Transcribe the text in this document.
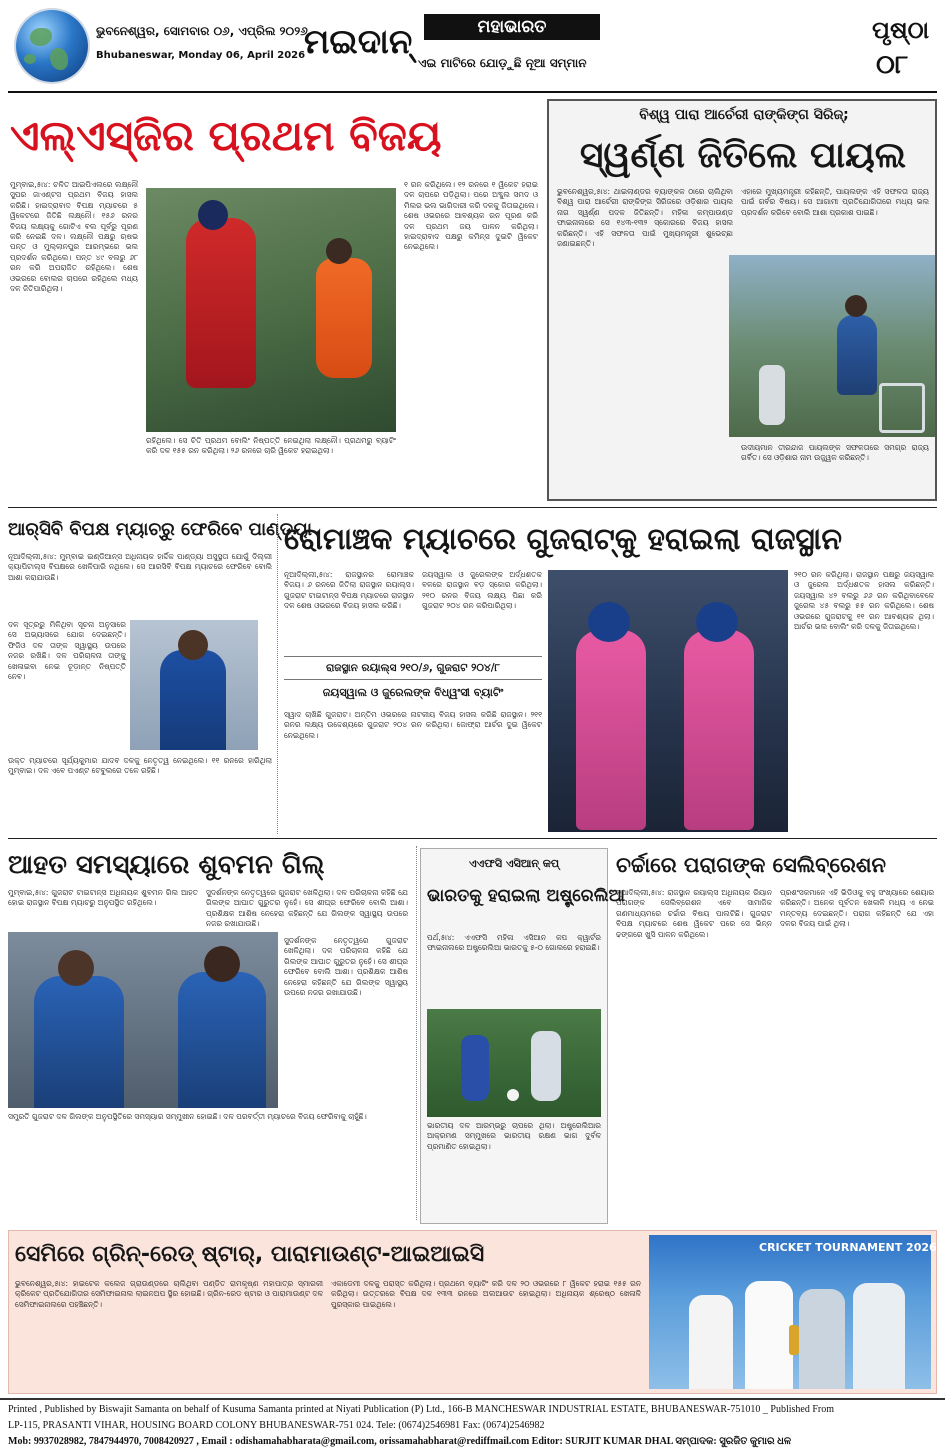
ଭୁବନେଶ୍ୱର, ସୋମବାର ୦୬, ଏପ୍ରିଲ ୨୦୨୬
Bhubaneswar, Monday 06, April 2026
ମଇଦାନ୍	ମହାଭାରତ
ଏଇ ମାଟିରେ ଯୋଡ଼ୁଛି ନୂଆ ସମ୍ମାନ
ପୃଷ୍ଠା
୦୮
ଏଲ୍‌ଏସ୍‌ଜିର ପ୍ରଥମ ବିଜୟ
ମୁମ୍ବାଇ,୫ା୪: ଚଳିତ ଆଇପିଏଲରେ ଲକ୍ଷ୍ନୌ ସୁପର ଜାଏଣ୍ଟସ ପ୍ରଥମ ବିଜୟ ହାସଲ କରିଛି। ହାଇଦ୍ରାବାଦ ବିପକ୍ଷ ମ୍ୟାଚରେ ୫ ୱିକେଟରେ ଜିତିଛି ଲକ୍ଷ୍ନୌ। ୧୫୬ ରନର ବିଜୟ ଲକ୍ଷ୍ୟକୁ ଗୋଟିଏ ବଲ ପୂର୍ବରୁ ପୂରଣ କରି ନେଇଛି ଦଳ। ଲକ୍ଷ୍ନୌ ପକ୍ଷରୁ ଋଷଭ ପନ୍ତ ଓ ମୁଲ୍ଲାନପୁର ଆରମ୍ଭରେ ଭଲ ପ୍ରଦର୍ଶନ କରିଥିଲେ। ପନ୍ତ ୪୯ ବଲରୁ ୬୮ ରନ କରି ଅପରାଜିତ ରହିଥିଲେ। ଶେଷ ଓଭରରେ ବୋଲର ଚାପରେ ରହିଥିଲେ ମଧ୍ୟ ଦଳ ଜିତିପାରିଥିଲା।
ରହିଥିଲେ। ସେ ଚିତି ପ୍ରଥମ ବୋଲିଂ ନିଷ୍ପତ୍ତି ନେଇଥିଲା ଲକ୍ଷ୍ନୌ। ପ୍ରଥମରୁ ବ୍ୟାଟିଂ କରି ଦଳ ୧୫୫ ରନ କରିଥିଲା। ୨୬ ରନରେ ଚାରି ୱିକେଟ ହରାଇଥିଲା।
୧ ରନ କରିଥିଲେ। ୧୨ ରନରେ ୧ ୱିକେଟ ହରାଇ ଦଳ ଚାପରେ ପଡ଼ିଥିଲା। ପରେ ଅବ୍ଦୁଲ ସମଦ ଓ ମିଲର ଭଲ ଭାଗିଦାରୀ କରି ଦଳକୁ ଜିତାଇଥିଲେ। ଶେଷ ଓଭରରେ ଆବଶ୍ୟକ ରନ ପୂରଣ କରି ଦଳ ପ୍ରଥମ ଜୟ ପାଳନ କରିଥିଲା। ହାଇଦ୍ରାବାଦ ପକ୍ଷରୁ କମିନ୍ସ ଦୁଇଟି ୱିକେଟ ନେଇଥିଲେ।
ବିଶ୍ୱ ପାରା ଆର୍ଚେରୀ ରାଙ୍କିଙ୍ଗ ସିରିଜ୍;
ସ୍ୱର୍ଣ୍ଣ ଜିତିଲେ ପାୟଲ
ଭୁବନେଶ୍ୱର,୫ା୪: ଥାଇଲାଣ୍ଡର ବ୍ୟାଙ୍କକ ଠାରେ ଚାଲିଥିବା ବିଶ୍ୱ ପାରା ଆର୍ଚେରୀ ରାଙ୍କିଙ୍ଗ ସିରିଜରେ ଓଡ଼ିଶାର ପାୟଲ ନାଗ ସ୍ୱର୍ଣ୍ଣ ପଦକ ଜିତିଛନ୍ତି। ମହିଳା କମ୍ପାଉଣ୍ଡ ଫାଇନାଲରେ ସେ ୧୪୩-୧୩୨ ସ୍କୋରରେ ବିଜୟ ହାସଲ କରିଛନ୍ତି। ଏହି ସଫଳତା ପାଇଁ ମୁଖ୍ୟମନ୍ତ୍ରୀ ଶୁଭେଚ୍ଛା ଜଣାଇଛନ୍ତି।
ଏହାରେ ମୁଖ୍ୟମନ୍ତ୍ରୀ କହିଛନ୍ତି, ପାୟଲଙ୍କ ଏହି ସଫଳତା ରାଜ୍ୟ ପାଇଁ ଗର୍ବର ବିଷୟ। ସେ ଆଗାମୀ ପ୍ରତିଯୋଗିତାରେ ମଧ୍ୟ ଭଲ ପ୍ରଦର୍ଶନ କରିବେ ବୋଲି ଆଶା ପ୍ରକାଶ ପାଇଛି।
ଉଦୀୟମାନ ତୀରନ୍ଦାଜ ପାୟଲଙ୍କ ସଫଳତାରେ ସମଗ୍ର ରାଜ୍ୟ ଗର୍ବିତ। ସେ ଓଡ଼ିଶାର ନାମ ଉଜ୍ଜ୍ୱଳ କରିଛନ୍ତି।
ଆର୍‌ସିବି ବିପକ୍ଷ ମ୍ୟାଚ୍‌ରୁ ଫେରିବେ ପାଣ୍ଡ୍ୟା
ନୂଆଦିଲ୍ଲୀ,୫ା୪: ମୁମ୍ବାଇ ଇଣ୍ଡିଆନ୍ସ ଅଧିନାୟକ ହାର୍ଦ୍ଦିକ ପାଣ୍ଡ୍ୟା ଅସୁସ୍ଥତା ଯୋଗୁଁ ଦିଲ୍ଲୀ କ୍ୟାପିଟାଲ୍ସ ବିପକ୍ଷରେ ଖେଳିପାରି ନଥିଲେ। ସେ ଆରସିବି ବିପକ୍ଷ ମ୍ୟାଚରେ ଫେରିବେ ବୋଲି ଆଶା କରାଯାଉଛି।
ଦଳ ସୂତ୍ରରୁ ମିଳିଥିବା ସୂଚନା ଅନୁସାରେ ସେ ଅଭ୍ୟାସରେ ଯୋଗ ଦେଇଛନ୍ତି। ଫିଜିଓ ଦଳ ତାଙ୍କ ସ୍ୱାସ୍ଥ୍ୟ ଉପରେ ନଜର ରଖିଛି। ଦଳ ପରିଚାଳନା ତାଙ୍କୁ ଖେଳାଇବା ନେଇ ଚୂଡ଼ାନ୍ତ ନିଷ୍ପତ୍ତି ନେବ।
ଉକ୍ତ ମ୍ୟାଚରେ ସୂର୍ଯ୍ୟକୁମାର ଯାଦବ ଦଳକୁ ନେତୃତ୍ୱ ନେଇଥିଲେ। ୧୧ ରନରେ ହାରିଥିଲା ମୁମ୍ବାଇ। ଦଳ ଏବେ ପଏଣ୍ଟ ଟେବୁଲରେ ତଳେ ରହିଛି।
ରୋମାଞ୍ଚକ ମ୍ୟାଚରେ ଗୁଜରାଟ୍‌କୁ ହରାଇଲା ରାଜସ୍ଥାନ
ନୂଆଦିଲ୍ଲୀ,୫ା୪: ରାଜସ୍ଥାନର ରୋମାଞ୍ଚକ ବିଜୟ। ୬ ରନରେ ଜିତିଲା ରାଜସ୍ଥାନ ରୟାଲ୍ସ। ଗୁଜରାଟ ଟାଇଟାନ୍ସ ବିପକ୍ଷ ମ୍ୟାଚରେ ରାଜସ୍ଥାନ ଦଳ ଶେଷ ଓଭରରେ ବିଜୟ ହାସଲ କରିଛି।
ଜୟସ୍ୱାଲ ଓ ଜୁରେଲଙ୍କ ଅର୍ଦ୍ଧଶତକ ବଳରେ ରାଜସ୍ଥାନ ବଡ଼ ସ୍କୋର କରିଥିଲା। ୨୧୦ ରନର ବିଜୟ ଲକ୍ଷ୍ୟ ପିଛା କରି ଗୁଜରାଟ ୨୦୪ ରନ କରିପାରିଥିଲା।
ରାଜସ୍ଥାନ ରୟାଲ୍ସ ୨୧୦/୬, ଗୁଜରାଟ ୨୦୪/୮
ଜୟସ୍ୱାଲ ଓ ଜୁରେଲଙ୍କ ବିଧ୍ୱଂସୀ ବ୍ୟାଟିଂ
ସ୍ୱାଦ ଚାଖିଛି ଗୁଜରାଟ। ଅନ୍ତିମ ଓଭରରେ ନାଟକୀୟ ବିଜୟ ହାସଲ କରିଛି ରାଜସ୍ଥାନ। ୨୧୧ ରନର ଲକ୍ଷ୍ୟ ଉଦ୍ଦେଶ୍ୟରେ ଗୁଜରାଟ ୨୦୪ ରନ କରିଥିଲା। ଜୋଫ୍ରା ଆର୍ଚର ଦୁଇ ୱିକେଟ ନେଇଥିଲେ।
୨୧୦ ରନ କରିଥିଲା। ରାଜସ୍ଥାନ ପକ୍ଷରୁ ଜୟସ୍ୱାଲ ଓ ଜୁରେଲ ଅର୍ଦ୍ଧଶତକ ହାସଲ କରିଛନ୍ତି। ଜୟସ୍ୱାଲ ୪୨ ବଲରୁ ୬୬ ରନ କରିଥିବାବେଳେ ଜୁରେଲ ୪୫ ବଲରୁ ୫୫ ରନ କରିଥିଲେ। ଶେଷ ଓଭରରେ ଗୁଜରାଟକୁ ୧୧ ରନ ଆବଶ୍ୟକ ଥିଲା। ଆର୍ଚର ଭଲ ବୋଲିଂ କରି ଦଳକୁ ଜିତାଇଥିଲେ।
ଆହତ ସମସ୍ୟାରେ ଶୁବମନ ଗିଲ୍
ମୁମ୍ବାଇ,୫ା୪: ଗୁଜରାଟ ଟାଇଟାନ୍ସ ଅଧିନାୟକ ଶୁବମନ ଗିଲ ଆହତ ହୋଇ ରାଜସ୍ଥାନ ବିପକ୍ଷ ମ୍ୟାଚରୁ ଅନୁପସ୍ଥିତ ରହିଥିଲେ।
ସୁଦର୍ଶନଙ୍କ ନେତୃତ୍ୱରେ ଗୁଜରାଟ ଖେଳିଥିଲା। ଦଳ ପରିଚାଳନା କହିଛି ଯେ ଗିଲଙ୍କ ଆଘାତ ଗୁରୁତର ନୁହେଁ। ସେ ଶୀଘ୍ର ଫେରିବେ ବୋଲି ଆଶା। ପ୍ରଶିକ୍ଷକ ଆଶିଷ ନେହେରା କହିଛନ୍ତି ଯେ ଗିଲଙ୍କ ସ୍ୱାସ୍ଥ୍ୟ ଉପରେ ନଜର ରଖାଯାଉଛି।
ସୁଦର୍ଶନଙ୍କ ନେତୃତ୍ୱରେ ଗୁଜରାଟ ଖେଳିଥିଲା। ଦଳ ପରିଚାଳନା କହିଛି ଯେ ଗିଲଙ୍କ ଆଘାତ ଗୁରୁତର ନୁହେଁ। ସେ ଶୀଘ୍ର ଫେରିବେ ବୋଲି ଆଶା। ପ୍ରଶିକ୍ଷକ ଆଶିଷ ନେହେରା କହିଛନ୍ତି ଯେ ଗିଲଙ୍କ ସ୍ୱାସ୍ଥ୍ୟ ଉପରେ ନଜର ରଖାଯାଉଛି।
ସମ୍ପ୍ରତି ଗୁଜରାଟ ଦଳ ଗିଲଙ୍କ ଅନୁପସ୍ଥିତିରେ ସମସ୍ୟାର ସମ୍ମୁଖୀନ ହୋଇଛି। ଦଳ ପରବର୍ତ୍ତୀ ମ୍ୟାଚରେ ବିଜୟ ଫେରିବାକୁ ଚାହୁଁଛି।
ଏଏଫସି ଏସିଆନ୍ କପ୍
ଭାରତକୁ ହରାଇଲା ଅଷ୍ଟ୍ରେଲିଆ
ପର୍ଥ,୫ା୪: ଏଏଫସି ମହିଳା ଏସିଆନ କପ କ୍ୱାର୍ଟର ଫାଇନାଲରେ ଅଷ୍ଟ୍ରେଲିଆ ଭାରତକୁ ୫-୦ ଗୋଲରେ ହରାଇଛି।
ଭାରତୀୟ ଦଳ ଆରମ୍ଭରୁ ଚାପରେ ଥିଲା। ଅଷ୍ଟ୍ରେଲିଆର ଆକ୍ରମଣ ସମ୍ମୁଖରେ ଭାରତୀୟ ରକ୍ଷଣ ଭାଗ ଦୁର୍ବଳ ପ୍ରମାଣିତ ହୋଇଥିଲା।
ଚର୍ଚ୍ଚାରେ ପରାଗଙ୍କ ସେଲିବ୍ରେଶନ
ନୂଆଦିଲ୍ଲୀ,୫ା୪: ରାଜସ୍ଥାନ ରୟାଲ୍ସ ଅଧିନାୟକ ରିୟାନ ପରାଗଙ୍କ ସେଲିବ୍ରେଶନ ଏବେ ସାମାଜିକ ଗଣମାଧ୍ୟମରେ ଚର୍ଚ୍ଚାର ବିଷୟ ପାଲଟିଛି। ଗୁଜରାଟ ବିପକ୍ଷ ମ୍ୟାଚରେ ଶେଷ ୱିକେଟ ପରେ ସେ ଭିନ୍ନ ଢଙ୍ଗରେ ଖୁସି ପାଳନ କରିଥିଲେ।
ପ୍ରଶଂସକମାନେ ଏହି ଭିଡିଓକୁ ବହୁ ସଂଖ୍ୟାରେ ଶେୟାର କରିଛନ୍ତି। ଅନେକ ପୂର୍ବତନ ଖେଳାଳି ମଧ୍ୟ ଏ ନେଇ ମନ୍ତବ୍ୟ ଦେଇଛନ୍ତି। ପରାଗ କହିଛନ୍ତି ଯେ ଏହା ଦଳର ବିଜୟ ପାଇଁ ଥିଲା।
ସେମିରେ ଗ୍ରିନ୍-ରେଡ୍ ଷ୍ଟାର୍, ପାରାମାଉଣ୍ଟ-ଆଇଆଇସି
ଭୁବନେଶ୍ୱର,୫ା୪: ହାଇଟେକ କଲେଜ ଗ୍ରାଉଣ୍ଡରେ ଚାଲିଥିବା ପଣ୍ଡିତ ରାମକୃଷ୍ଣ ମହାପାତ୍ର ସ୍ମାରକୀ କ୍ରିକେଟ ପ୍ରତିଯୋଗିତାର ସେମିଫାଇନାଲ ଲାଇନଅପ ସ୍ଥିର ହୋଇଛି। ଗ୍ରିନ-ରେଡ ଷ୍ଟାର ଓ ପାରାମାଉଣ୍ଟ ଦଳ ସେମିଫାଇନାଲରେ ପହଞ୍ଚିଛନ୍ତି।
ଏକାଡେମୀ ଦଳକୁ ପରାସ୍ତ କରିଥିଲା। ପ୍ରଥମେ ବ୍ୟାଟିଂ କରି ଦଳ ୨୦ ଓଭରରେ ୮ ୱିକେଟ ହରାଇ ୧୫୫ ରନ କରିଥିଲା। ଉତ୍ତରରେ ବିପକ୍ଷ ଦଳ ୧୩୩ ରନରେ ଅଲଆଉଟ ହୋଇଥିଲା। ଅଧିନାୟକ ଶ୍ରେଷ୍ଠ ଖେଳାଳି ପୁରସ୍କାର ପାଇଥିଲେ।
CRICKET TOURNAMENT 2026
Printed , Published by Biswajit Samanta on behalf of Kusuma Samanta printed at Niyati Publication (P) Ltd., 166-B MANCHESWAR INDUSTRIAL ESTATE, BHUBANESWAR-751010 _ Published From
LP-115, PRASANTI VIHAR, HOUSING BOARD COLONY BHUBANESWAR-751 024. Tele: (0674)2546981 Fax: (0674)2546982
Mob: 9937028982, 7847944970, 7008420927 , Email : odishamahabharata@gmail.com, orissamahabharat@rediffmail.com Editor: SURJIT KUMAR DHAL ସମ୍ପାଦକ: ସୁରଜିତ କୁମାର ଧଳ
